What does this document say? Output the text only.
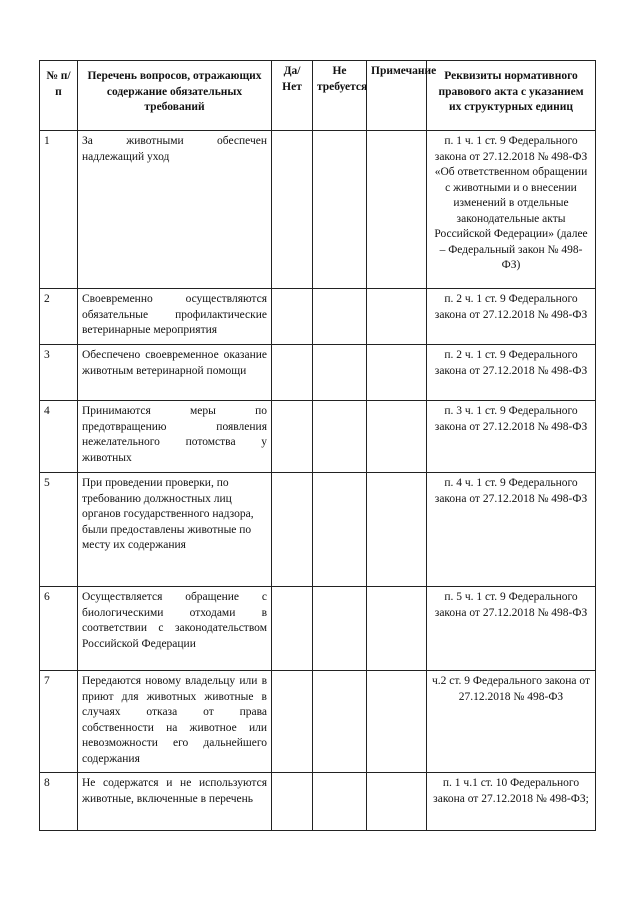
№ п/п	Перечень вопросов, отражающих содержание обязательных требований	Да/ Нет	Не требуется	Примечание	Реквизиты нормативного правового акта с указанием их структурных единиц
1	За животными обеспечен надлежащий уход				п. 1 ч. 1 ст. 9 Федерального закона от 27.12.2018 № 498-ФЗ «Об ответственном обращении с животными и о внесении изменений в отдельные законодательные акты Российской Федерации» (далее – Федеральный закон № 498-ФЗ)
2	Своевременно осуществляются обязательные профилактические ветеринарные мероприятия				п. 2 ч. 1 ст. 9 Федерального закона от 27.12.2018 № 498-ФЗ
3	Обеспечено своевременное оказание животным ветеринарной помощи				п. 2 ч. 1 ст. 9 Федерального закона от 27.12.2018 № 498-ФЗ
4	Принимаются меры по предотвращению появления нежелательного потомства у животных				п. 3 ч. 1 ст. 9 Федерального закона от 27.12.2018 № 498-ФЗ
5	При проведении проверки, по требованию должностных лиц органов государственного надзора, были предоставлены животные по месту их содержания				п. 4 ч. 1 ст. 9 Федерального закона от 27.12.2018 № 498-ФЗ
6	Осуществляется обращение с биологическими отходами в соответствии с законодательством Российской Федерации				п. 5 ч. 1 ст. 9 Федерального закона от 27.12.2018 № 498-ФЗ
7	Передаются новому владельцу или в приют для животных животные в случаях отказа от права собственности на животное или невозможности его дальнейшего содержания				ч.2 ст. 9 Федерального закона от 27.12.2018 № 498-ФЗ
8	Не содержатся и не используются животные, включенные в перечень				п. 1 ч.1 ст. 10 Федерального закона от 27.12.2018 № 498-ФЗ;
